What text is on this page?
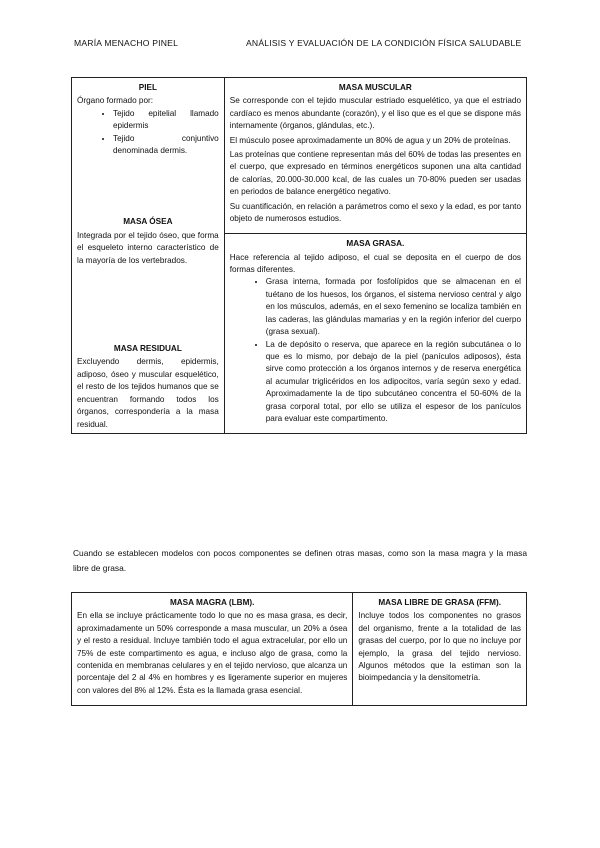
MARÍA MENACHO PINEL	ANÁLISIS Y EVALUACIÓN DE LA CONDICIÓN FÍSICA SALUDABLE

PIEL

Órgano formado por:

• Tejido epitelial llamado epidermis
• Tejido conjuntivo denominada dermis.

MASA ÓSEA

Integrada por el tejido óseo, que forma el esqueleto interno característico de la mayoría de los vertebrados.

MASA RESIDUAL

Excluyendo dermis, epidermis, adiposo, óseo y muscular esquelético, el resto de los tejidos humanos que se encuentran formando todos los órganos, correspondería a la masa residual.

MASA MUSCULAR

Se corresponde con el tejido muscular estriado esquelético, ya que el estriado cardíaco es menos abundante (corazón), y el liso que es el que se dispone más internamente (órganos, glándulas, etc.).

El músculo posee aproximadamente un 80% de agua y un 20% de proteínas.

Las proteínas que contiene representan más del 60% de todas las presentes en el cuerpo, que expresado en términos energéticos suponen una alta cantidad de calorías, 20.000-30.000 kcal, de las cuales un 70-80% pueden ser usadas en periodos de balance energético negativo.

Su cuantificación, en relación a parámetros como el sexo y la edad, es por tanto objeto de numerosos estudios.

MASA GRASA.

Hace referencia al tejido adiposo, el cual se deposita en el cuerpo de dos formas diferentes.

• Grasa interna, formada por fosfolípidos que se almacenan en el tuétano de los huesos, los órganos, el sistema nervioso central y algo en los músculos, además, en el sexo femenino se localiza también en las caderas, las glándulas mamarias y en la región inferior del cuerpo (grasa sexual).
• La de depósito o reserva, que aparece en la región subcutánea o lo que es lo mismo, por debajo de la piel (panículos adiposos), ésta sirve como protección a los órganos internos y de reserva energética al acumular triglicéridos en los adipocitos, varía según sexo y edad. Aproximadamente la de tipo subcutáneo concentra el 50-60% de la grasa corporal total, por ello se utiliza el espesor de los panículos para evaluar este compartimento.
Cuando se establecen modelos con pocos componentes se definen otras masas, como son la masa magra y la masa libre de grasa.

MASA MAGRA (LBM).

En ella se incluye prácticamente todo lo que no es masa grasa, es decir, aproximadamente un 50% corresponde a masa muscular, un 20% a ósea y el resto a residual. Incluye también todo el agua extracelular, por ello un 75% de este compartimento es agua, e incluso algo de grasa, como la contenida en membranas celulares y en el tejido nervioso, que alcanza un porcentaje del 2 al 4% en hombres y es ligeramente superior en mujeres con valores del 8% al 12%. Ésta es la llamada grasa esencial.

MASA LIBRE DE GRASA (FFM).

Incluye todos los componentes no grasos del organismo, frente a la totalidad de las grasas del cuerpo, por lo que no incluye por ejemplo, la grasa del tejido nervioso. Algunos métodos que la estiman son la bioimpedancia y la densitometría.
